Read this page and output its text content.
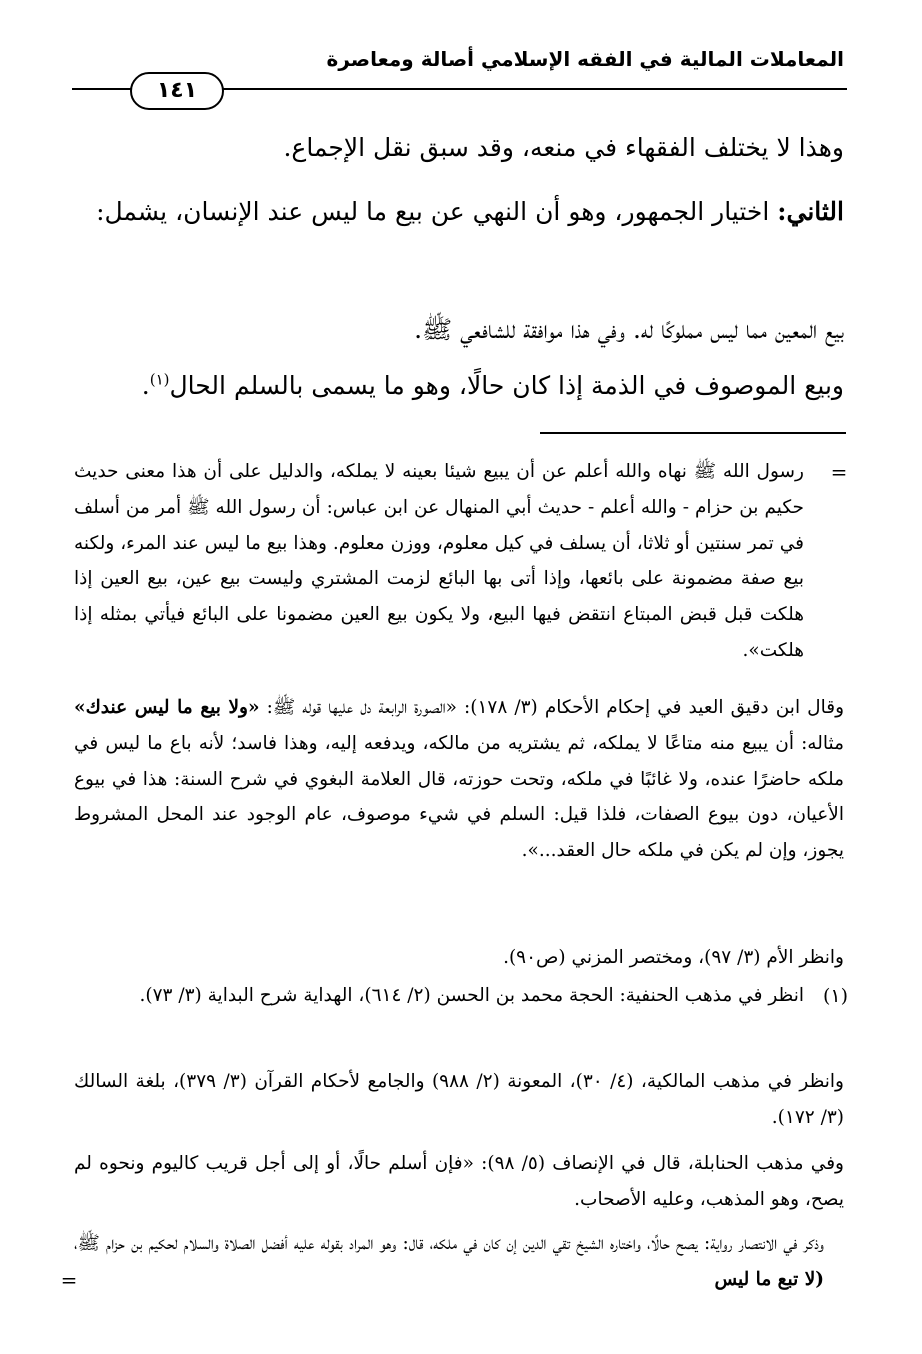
المعاملات المالية في الفقه الإسلامي أصالة ومعاصرة
١٤١
وهذا لا يختلف الفقهاء في منعه، وقد سبق نقل الإجماع.
الثاني: اختيار الجمهور، وهو أن النهي عن بيع ما ليس عند الإنسان، يشمل:
بيع المعين مما ليس مملوكًا له. وفي هذا موافقة للشافعي ﷺ.
وبيع الموصوف في الذمة إذا كان حالًا، وهو ما يسمى بالسلم الحال$^{(١)}$.
=
رسول الله ﷺ نهاه والله أعلم عن أن يبيع شيئا بعينه لا يملكه، والدليل على أن هذا معنى حديث حكيم بن حزام - والله أعلم - حديث أبي المنهال عن ابن عباس: أن رسول الله ﷺ أمر من أسلف في تمر سنتين أو ثلاثا، أن يسلف في كيل معلوم، ووزن معلوم. وهذا بيع ما ليس عند المرء، ولكنه بيع صفة مضمونة على بائعها، وإذا أتى بها البائع لزمت المشتري وليست بيع عين، بيع العين إذا هلكت قبل قبض المبتاع انتقض فيها البيع، ولا يكون بيع العين مضمونا على البائع فيأتي بمثله إذا هلكت».
وقال ابن دقيق العيد في إحكام الأحكام (٣/ ١٧٨): «الصورة الرابعة دل عليها قوله ﷺ: «ولا بيع ما ليس عندك» مثاله: أن يبيع منه متاعًا لا يملكه، ثم يشتريه من مالكه، ويدفعه إليه، وهذا فاسد؛ لأنه باع ما ليس في ملكه حاضرًا عنده، ولا غائبًا في ملكه، وتحت حوزته، قال العلامة البغوي في شرح السنة: هذا في بيوع الأعيان، دون بيوع الصفات، فلذا قيل: السلم في شيء موصوف، عام الوجود عند المحل المشروط يجوز، وإن لم يكن في ملكه حال العقد...».
وانظر الأم (٣/ ٩٧)، ومختصر المزني (ص٩٠).
(١)
انظر في مذهب الحنفية: الحجة محمد بن الحسن (٢/ ٦١٤)، الهداية شرح البداية (٣/ ٧٣).
وانظر في مذهب المالكية، (٤/ ٣٠)، المعونة (٢/ ٩٨٨) والجامع لأحكام القرآن (٣/ ٣٧٩)، بلغة السالك (٣/ ١٧٢).
وفي مذهب الحنابلة، قال في الإنصاف (٥/ ٩٨): «فإن أسلم حالًا، أو إلى أجل قريب كاليوم ونحوه لم يصح، وهو المذهب، وعليه الأصحاب.
وذكر في الانتصار رواية: يصح حالًا، واختاره الشيخ تقي الدين إن كان في ملكه، قال: وهو المراد بقوله عليه أفضل الصلاة والسلام لحكيم بن حزام ﷺ، (لا تبع ما ليس
=
